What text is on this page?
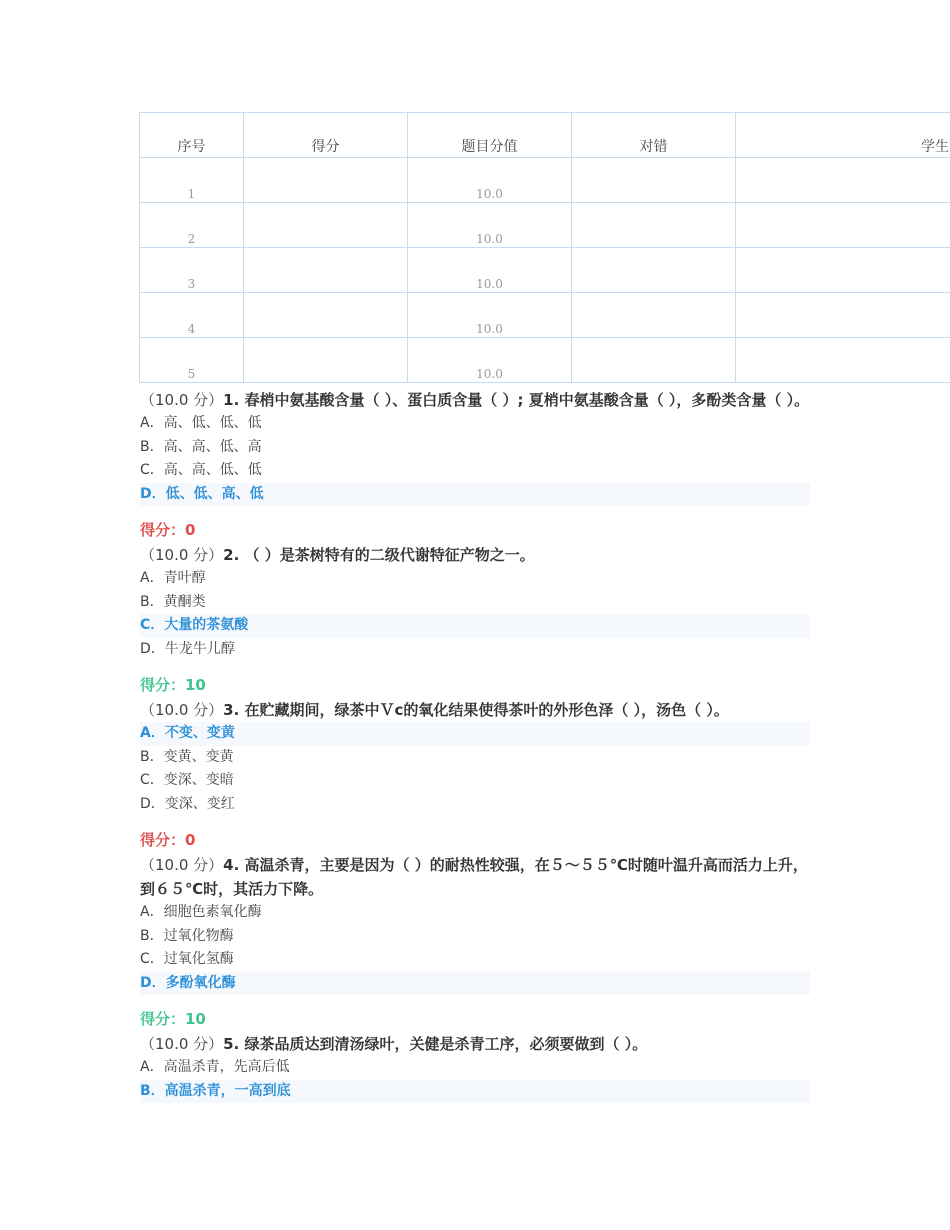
序号	得分	题目分值	对错	学生
1		10.0		
2		10.0		
3		10.0		
4		10.0		
5		10.0		
（10.0 分）1. 春梢中氨基酸含量（ ）、蛋白质含量（ ）; 夏梢中氨基酸含量（ ），多酚类含量（ ）。
A．高、低、低、低
B．高、高、低、高
C．高、高、低、低
D．低、低、高、低
得分：0
（10.0 分）2. （ ）是茶树特有的二级代谢特征产物之一。
A．青叶醇
B．黄酮类
C．大量的茶氨酸
D．牛龙牛儿醇
得分：10
（10.0 分）3. 在贮藏期间，绿茶中Ｖc的氧化结果使得茶叶的外形色泽（ ），汤色（ ）。
A．不变、变黄
B．变黄、变黄
C．变深、变暗
D．变深、变红
得分：0
（10.0 分）4. 高温杀青，主要是因为（ ）的耐热性较强，在５～５５℃时随叶温升高而活力上升，到６５℃时，其活力下降。
A．细胞色素氧化酶
B．过氧化物酶
C．过氧化氢酶
D．多酚氧化酶
得分：10
（10.0 分）5. 绿茶品质达到清汤绿叶，关健是杀青工序，必须要做到（ ）。
A．高温杀青，先高后低
B．高温杀青，一高到底
